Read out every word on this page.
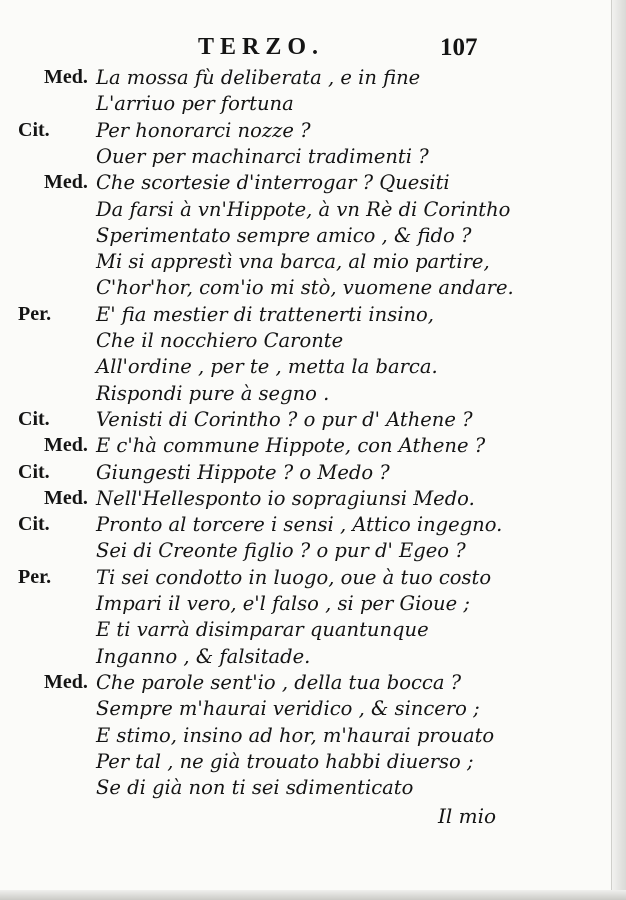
TERZO.	107
Med. La mossa fù deliberata , e in fine
L'arriuo per fortuna
Cit. Per honorarci nozze ?
Ouer per machinarci tradimenti ?
Med. Che scortesie d'interrogar ? Quesiti
Da farsi à vn'Hippote, à vn Rè di Corintho
Sperimentato sempre amico , & fido ?
Mi si apprestì vna barca, al mio partire,
C'hor'hor, com'io mi stò, vuomene andare.
Per. E' fia mestier di trattenerti insino,
Che il nocchiero Caronte
All'ordine , per te , metta la barca.
Rispondi pure à segno .
Cit. Venisti di Corintho ? o pur d' Athene ?
Med. E c'hà commune Hippote, con Athene ?
Cit. Giungesti Hippote ? o Medo ?
Med. Nell'Hellesponto io sopragiunsi Medo.
Cit. Pronto al torcere i sensi , Attico ingegno.
Sei di Creonte figlio ? o pur d' Egeo ?
Per. Ti sei condotto in luogo, oue à tuo costo
Impari il vero, e'l falso , si per Gioue ;
E ti varrà disimparar quantunque
Inganno , & falsitade.
Med. Che parole sent'io , della tua bocca ?
Sempre m'haurai veridico , & sincero ;
E stimo, insino ad hor, m'haurai prouato
Per tal , ne già trouato habbi diuerso ;
Se di già non ti sei sdimenticato
Il mio
